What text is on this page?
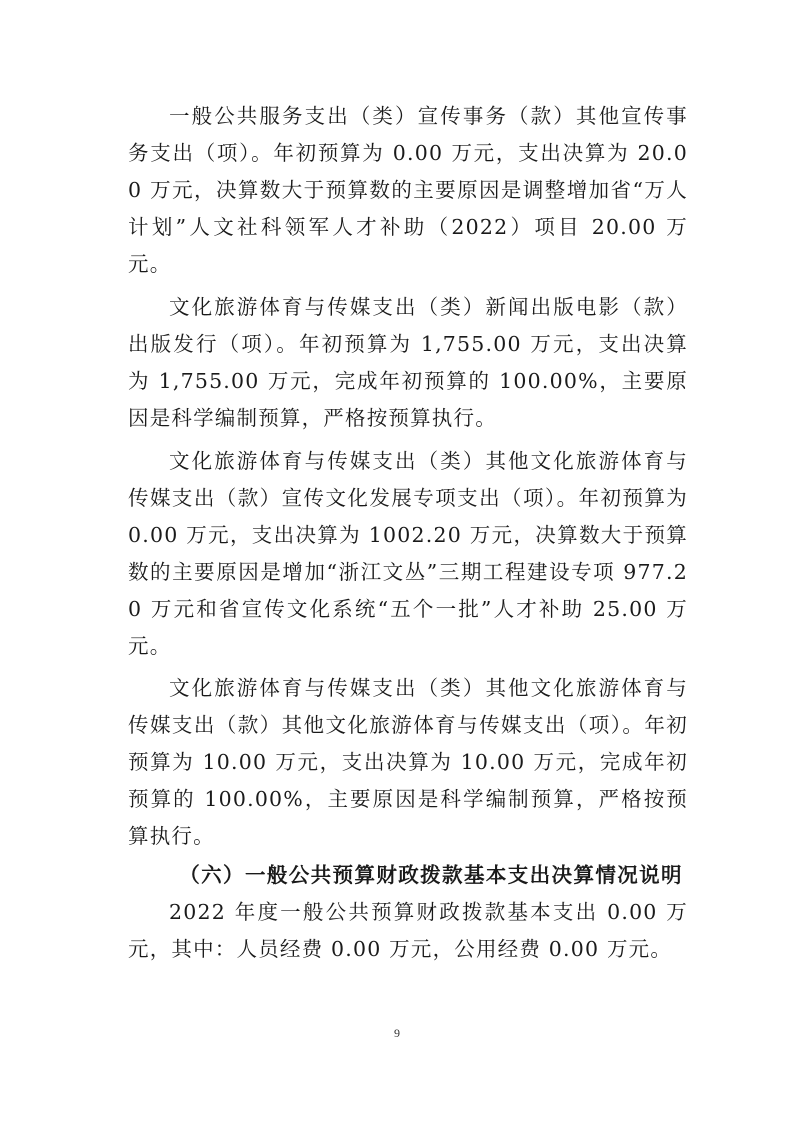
一般公共服务支出（类）宣传事务（款）其他宣传事务支出（项）。年初预算为 0.00 万元，支出决算为 20.00 万元，决算数大于预算数的主要原因是调整增加省“万人计划”人文社科领军人才补助（2022）项目 20.00 万元。

文化旅游体育与传媒支出（类）新闻出版电影（款）出版发行（项）。年初预算为 1,755.00 万元，支出决算为 1,755.00 万元，完成年初预算的 100.00%，主要原因是科学编制预算，严格按预算执行。

文化旅游体育与传媒支出（类）其他文化旅游体育与传媒支出（款）宣传文化发展专项支出（项）。年初预算为 0.00 万元，支出决算为 1002.20 万元，决算数大于预算数的主要原因是增加“浙江文丛”三期工程建设专项 977.20 万元和省宣传文化系统“五个一批”人才补助 25.00 万元。

文化旅游体育与传媒支出（类）其他文化旅游体育与传媒支出（款）其他文化旅游体育与传媒支出（项）。年初预算为 10.00 万元，支出决算为 10.00 万元，完成年初预算的 100.00%，主要原因是科学编制预算，严格按预算执行。

（六）一般公共预算财政拨款基本支出决算情况说明

2022 年度一般公共预算财政拨款基本支出 0.00 万元，其中：人员经费 0.00 万元，公用经费 0.00 万元。

9
